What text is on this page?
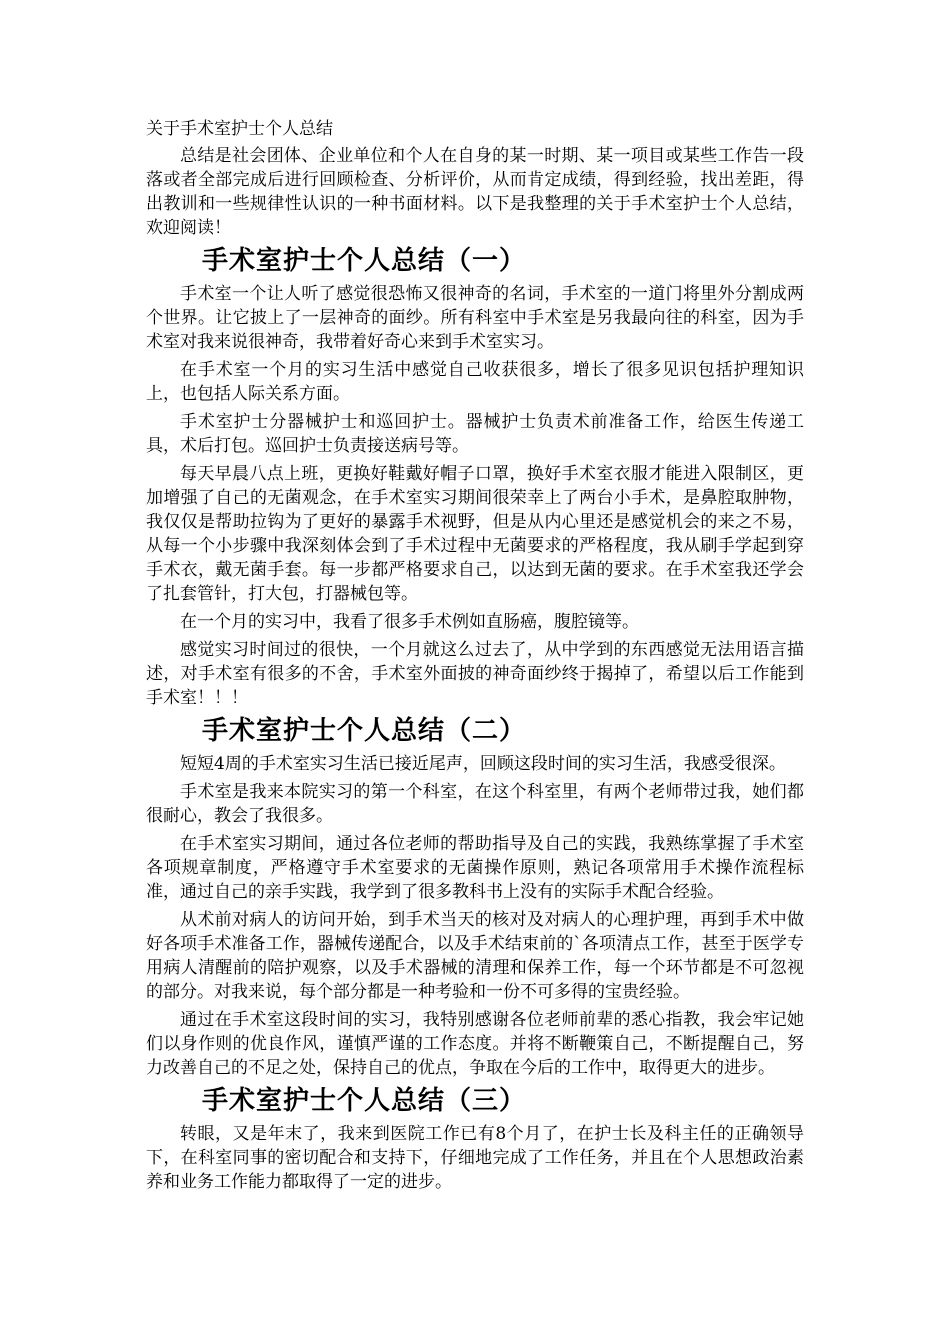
关于手术室护士个人总结

总结是社会团体、企业单位和个人在自身的某一时期、某一项目或某些工作告一段落或者全部完成后进行回顾检查、分析评价，从而肯定成绩，得到经验，找出差距，得出教训和一些规律性认识的一种书面材料。以下是我整理的关于手术室护士个人总结，欢迎阅读！

手术室护士个人总结（一）

手术室一个让人听了感觉很恐怖又很神奇的名词，手术室的一道门将里外分割成两个世界。让它披上了一层神奇的面纱。所有科室中手术室是另我最向往的科室，因为手术室对我来说很神奇，我带着好奇心来到手术室实习。

在手术室一个月的实习生活中感觉自己收获很多，增长了很多见识包括护理知识上，也包括人际关系方面。

手术室护士分器械护士和巡回护士。器械护士负责术前准备工作，给医生传递工具，术后打包。巡回护士负责接送病号等。

每天早晨八点上班，更换好鞋戴好帽子口罩，换好手术室衣服才能进入限制区，更加增强了自己的无菌观念，在手术室实习期间很荣幸上了两台小手术，是鼻腔取肿物，我仅仅是帮助拉钩为了更好的暴露手术视野，但是从内心里还是感觉机会的来之不易，从每一个小步骤中我深刻体会到了手术过程中无菌要求的严格程度，我从刷手学起到穿手术衣，戴无菌手套。每一步都严格要求自己，以达到无菌的要求。在手术室我还学会了扎套管针，打大包，打器械包等。

在一个月的实习中，我看了很多手术例如直肠癌，腹腔镜等。

感觉实习时间过的很快，一个月就这么过去了，从中学到的东西感觉无法用语言描述，对手术室有很多的不舍，手术室外面披的神奇面纱终于揭掉了，希望以后工作能到手术室！！！

手术室护士个人总结（二）

短短4周的手术室实习生活已接近尾声，回顾这段时间的实习生活，我感受很深。

手术室是我来本院实习的第一个科室，在这个科室里，有两个老师带过我，她们都很耐心，教会了我很多。

在手术室实习期间，通过各位老师的帮助指导及自己的实践，我熟练掌握了手术室各项规章制度，严格遵守手术室要求的无菌操作原则，熟记各项常用手术操作流程标准，通过自己的亲手实践，我学到了很多教科书上没有的实际手术配合经验。

从术前对病人的访问开始，到手术当天的核对及对病人的心理护理，再到手术中做好各项手术准备工作，器械传递配合，以及手术结束前的`各项清点工作，甚至于医学专用病人清醒前的陪护观察，以及手术器械的清理和保养工作，每一个环节都是不可忽视的部分。对我来说，每个部分都是一种考验和一份不可多得的宝贵经验。

通过在手术室这段时间的实习，我特别感谢各位老师前辈的悉心指教，我会牢记她们以身作则的优良作风，谨慎严谨的工作态度。并将不断鞭策自己，不断提醒自己，努力改善自己的不足之处，保持自己的优点，争取在今后的工作中，取得更大的进步。

手术室护士个人总结（三）

转眼，又是年末了，我来到医院工作已有8个月了，在护士长及科主任的正确领导下，在科室同事的密切配合和支持下，仔细地完成了工作任务，并且在个人思想政治素养和业务工作能力都取得了一定的进步。
